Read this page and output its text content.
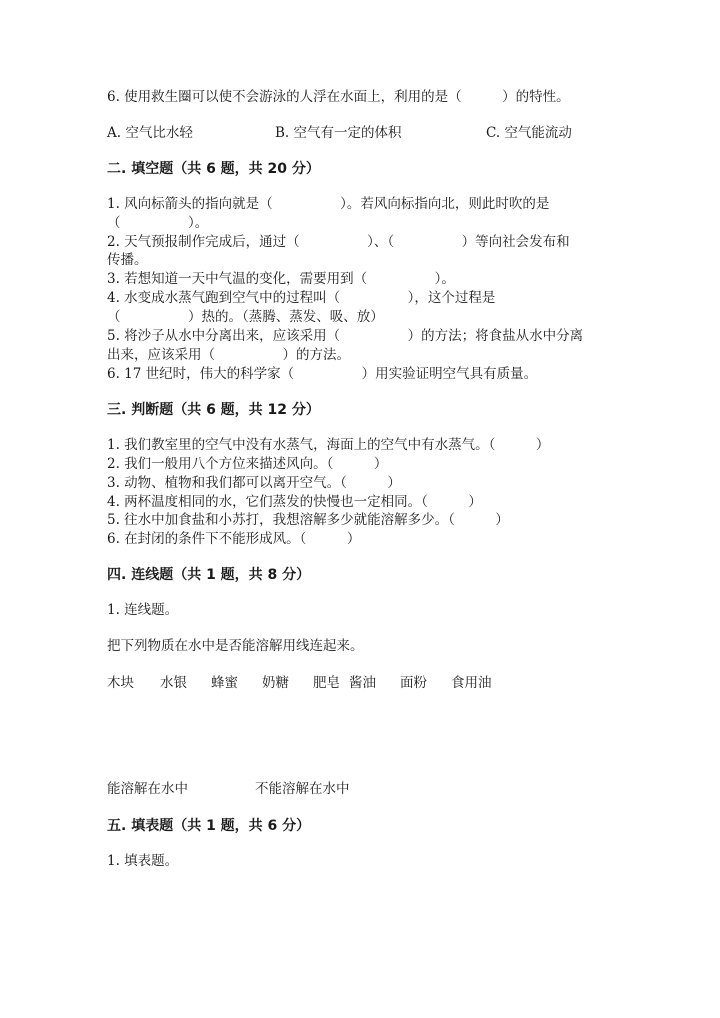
6. 使用救生圈可以使不会游泳的人浮在水面上，利用的是（　　　）的特性。
A. 空气比水轻	B. 空气有一定的体积	C. 空气能流动
二. 填空题（共 6 题，共 20 分）
1. 风向标箭头的指向就是（　　　　　）。若风向标指向北，则此时吹的是
（　　　　　）。
2. 天气预报制作完成后，通过（　　　　　）、（　　　　　）等向社会发布和
传播。
3. 若想知道一天中气温的变化，需要用到（　　　　　）。
4. 水变成水蒸气跑到空气中的过程叫（　　　　　），这个过程是
（　　　　　）热的。（蒸腾、蒸发、吸、放）
5. 将沙子从水中分离出来，应该采用（　　　　　）的方法；将食盐从水中分离
出来，应该采用（　　　　　）的方法。
6. 17 世纪时，伟大的科学家（　　　　　）用实验证明空气具有质量。
三. 判断题（共 6 题，共 12 分）
1. 我们教室里的空气中没有水蒸气，海面上的空气中有水蒸气。（　　　）
2. 我们一般用八个方位来描述风向。（　　　）
3. 动物、植物和我们都可以离开空气。（　　　）
4. 两杯温度相同的水，它们蒸发的快慢也一定相同。（　　　）
5. 往水中加食盐和小苏打，我想溶解多少就能溶解多少。（　　　）
6. 在封闭的条件下不能形成风。（　　　）
四. 连线题（共 1 题，共 8 分）
1. 连线题。
把下列物质在水中是否能溶解用线连起来。
木块 水银 蜂蜜 奶糖 肥皂 酱油 面粉 食用油
能溶解在水中	不能溶解在水中
五. 填表题（共 1 题，共 6 分）
1. 填表题。
